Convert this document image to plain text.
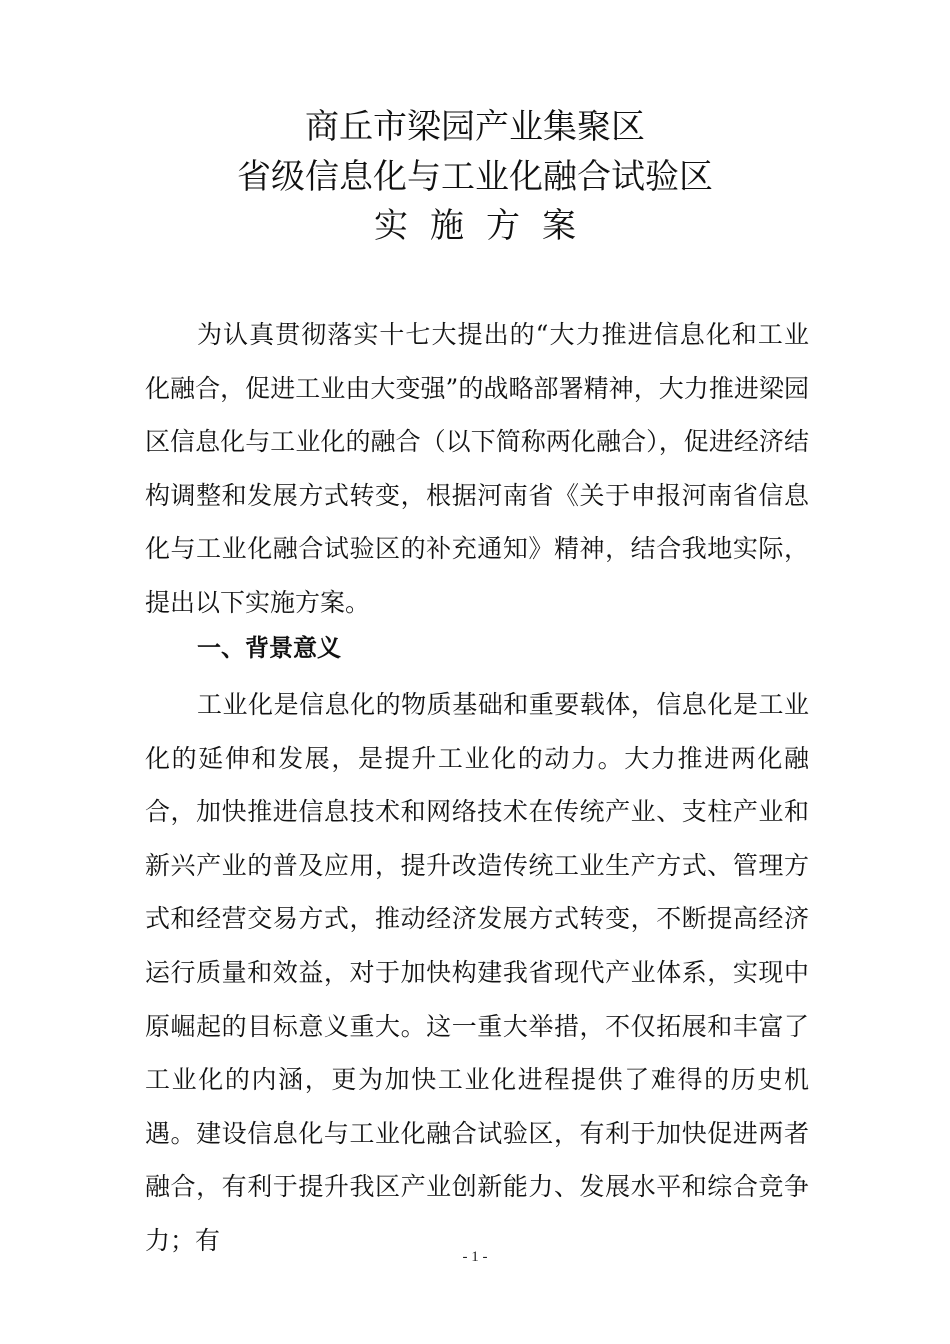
商丘市梁园产业集聚区
省级信息化与工业化融合试验区
实施方案

为认真贯彻落实十七大提出的“大力推进信息化和工业化融合，促进工业由大变强”的战略部署精神，大力推进梁园区信息化与工业化的融合（以下简称两化融合），促进经济结构调整和发展方式转变，根据河南省《关于申报河南省信息化与工业化融合试验区的补充通知》精神，结合我地实际，提出以下实施方案。

一、背景意义

工业化是信息化的物质基础和重要载体，信息化是工业化的延伸和发展，是提升工业化的动力。大力推进两化融合，加快推进信息技术和网络技术在传统产业、支柱产业和新兴产业的普及应用，提升改造传统工业生产方式、管理方式和经营交易方式，推动经济发展方式转变，不断提高经济运行质量和效益，对于加快构建我省现代产业体系，实现中原崛起的目标意义重大。这一重大举措，不仅拓展和丰富了工业化的内涵，更为加快工业化进程提供了难得的历史机遇。建设信息化与工业化融合试验区，有利于加快促进两者融合，有利于提升我区产业创新能力、发展水平和综合竞争力；有

- 1 -
